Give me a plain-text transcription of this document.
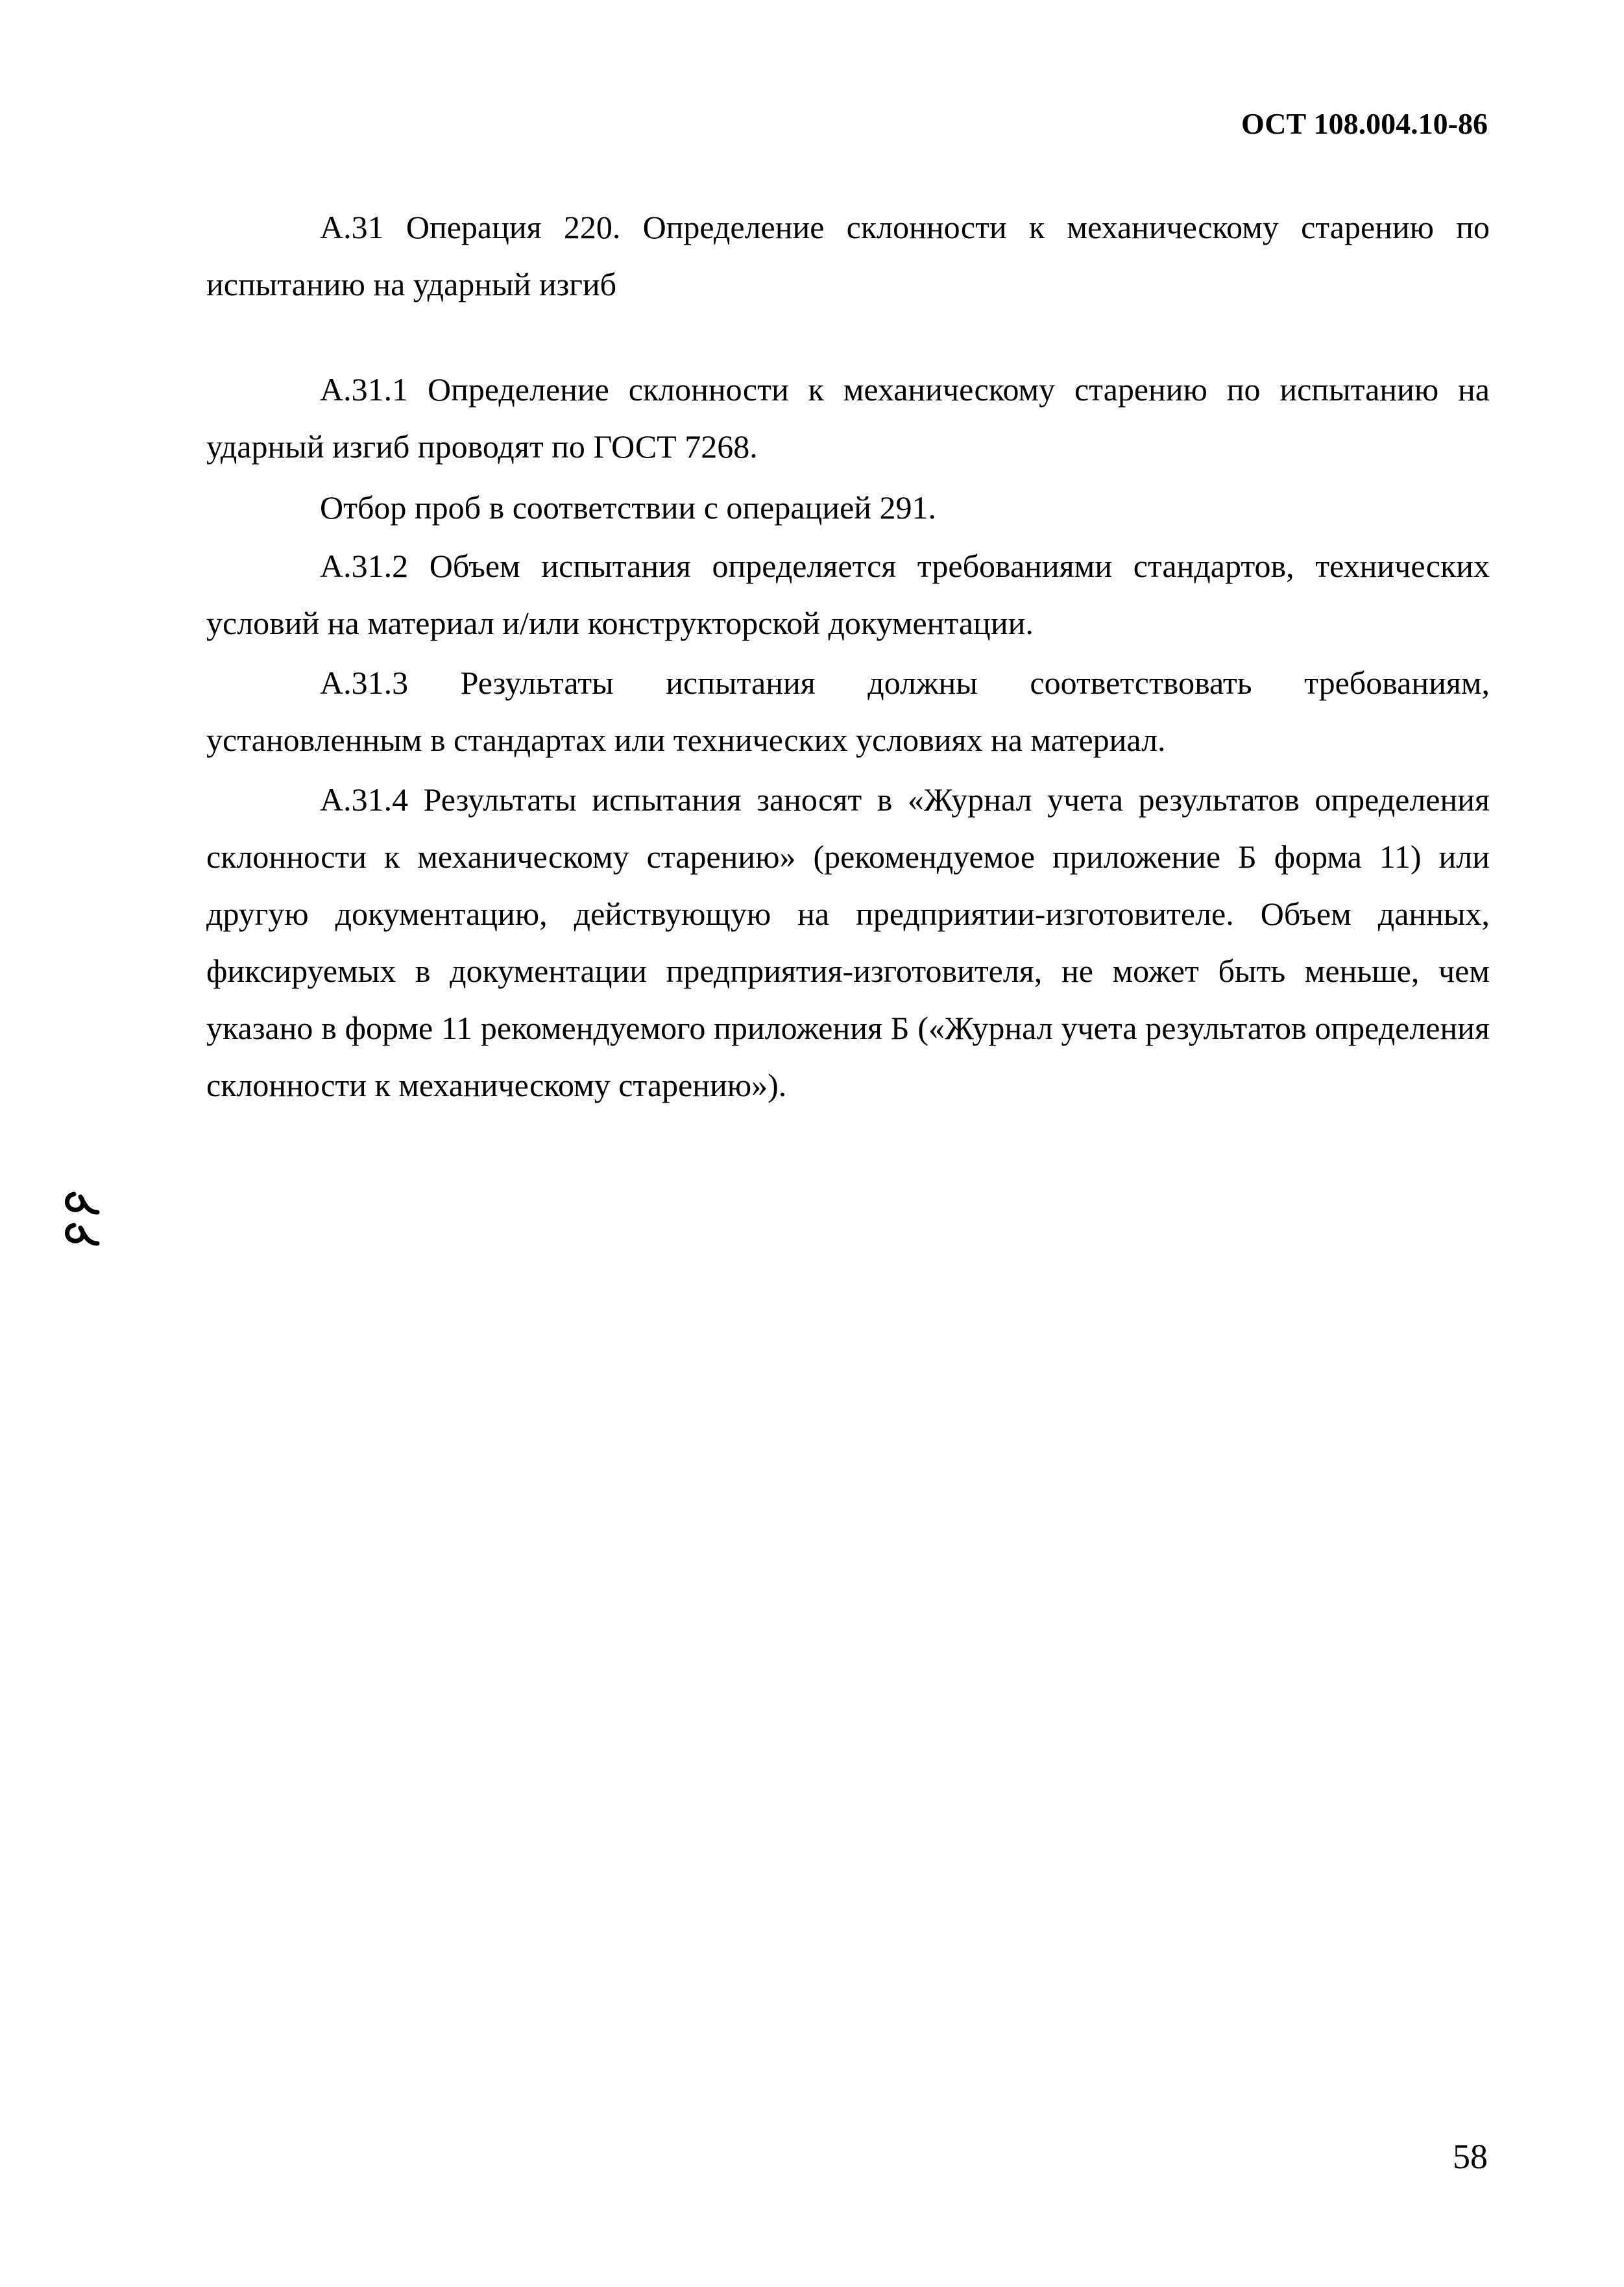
ОСТ 108.004.10-86

А.31 Операция 220. Определение склонности к механическому старению по испытанию на ударный изгиб

А.31.1 Определение склонности к механическому старению по испытанию на ударный изгиб проводят по ГОСТ 7268.

Отбор проб в соответствии с операцией 291.

А.31.2 Объем испытания определяется требованиями стандартов, технических условий на материал и/или конструкторской документации.

А.31.3 Результаты испытания должны соответствовать требованиям, установленным в стандартах или технических условиях на материал.

А.31.4 Результаты испытания заносят в «Журнал учета результатов определения склонности к механическому старению» (рекомендуемое приложение Б форма 11) или другую документацию, действующую на предприятии-изготовителе. Объем данных, фиксируемых в документации предприятия-изготовителя, не может быть меньше, чем указано в форме 11 рекомендуемого приложения Б («Журнал учета результатов определения склонности к механическому старению»).

58
